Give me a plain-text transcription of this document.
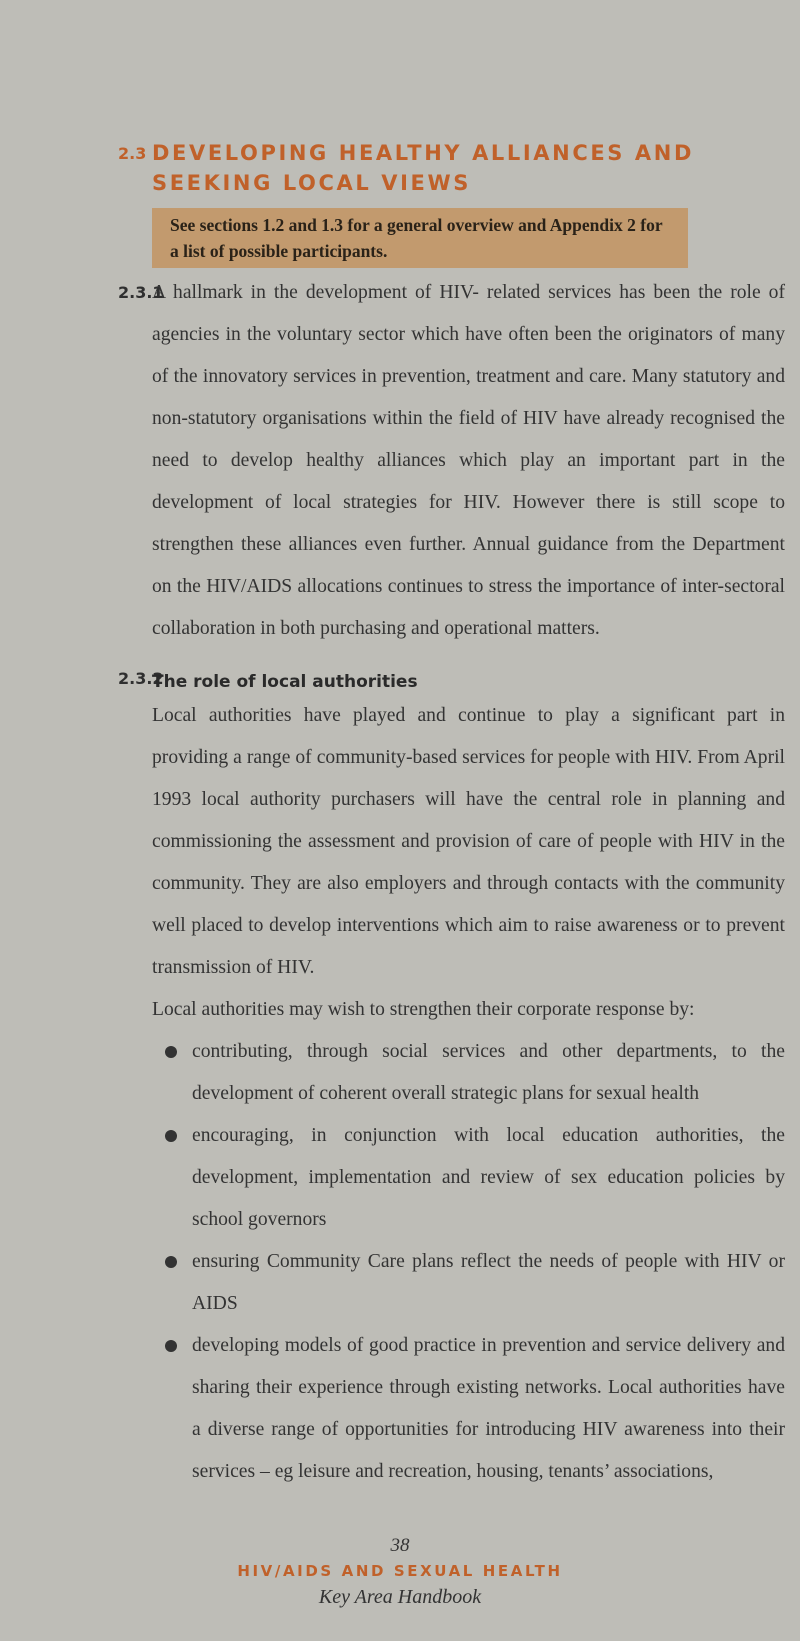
2.3 DEVELOPING HEALTHY ALLIANCES AND SEEKING LOCAL VIEWS
See sections 1.2 and 1.3 for a general overview and Appendix 2 for a list of possible participants.
2.3.1
A hallmark in the development of HIV- related services has been the role of agencies in the voluntary sector which have often been the originators of many of the innovatory services in prevention, treatment and care. Many statutory and non-statutory organisations within the field of HIV have already recognised the need to develop healthy alliances which play an important part in the development of local strategies for HIV. However there is still scope to strengthen these alliances even further. Annual guidance from the Department on the HIV/AIDS allocations continues to stress the importance of inter-sectoral collaboration in both purchasing and operational matters.
2.3.2
The role of local authorities
Local authorities have played and continue to play a significant part in providing a range of community-based services for people with HIV. From April 1993 local authority purchasers will have the central role in planning and commissioning the assessment and provision of care of people with HIV in the community. They are also employers and through contacts with the community well placed to develop interventions which aim to raise awareness or to prevent transmission of HIV.
Local authorities may wish to strengthen their corporate response by:
contributing, through social services and other departments, to the development of coherent overall strategic plans for sexual health
encouraging, in conjunction with local education authorities, the development, implementation and review of sex education policies by school governors
ensuring Community Care plans reflect the needs of people with HIV or AIDS
developing models of good practice in prevention and service delivery and sharing their experience through existing networks. Local authorities have a diverse range of opportunities for introducing HIV awareness into their services – eg leisure and recreation, housing, tenants’ associations,
38
HIV/AIDS AND SEXUAL HEALTH
Key Area Handbook
